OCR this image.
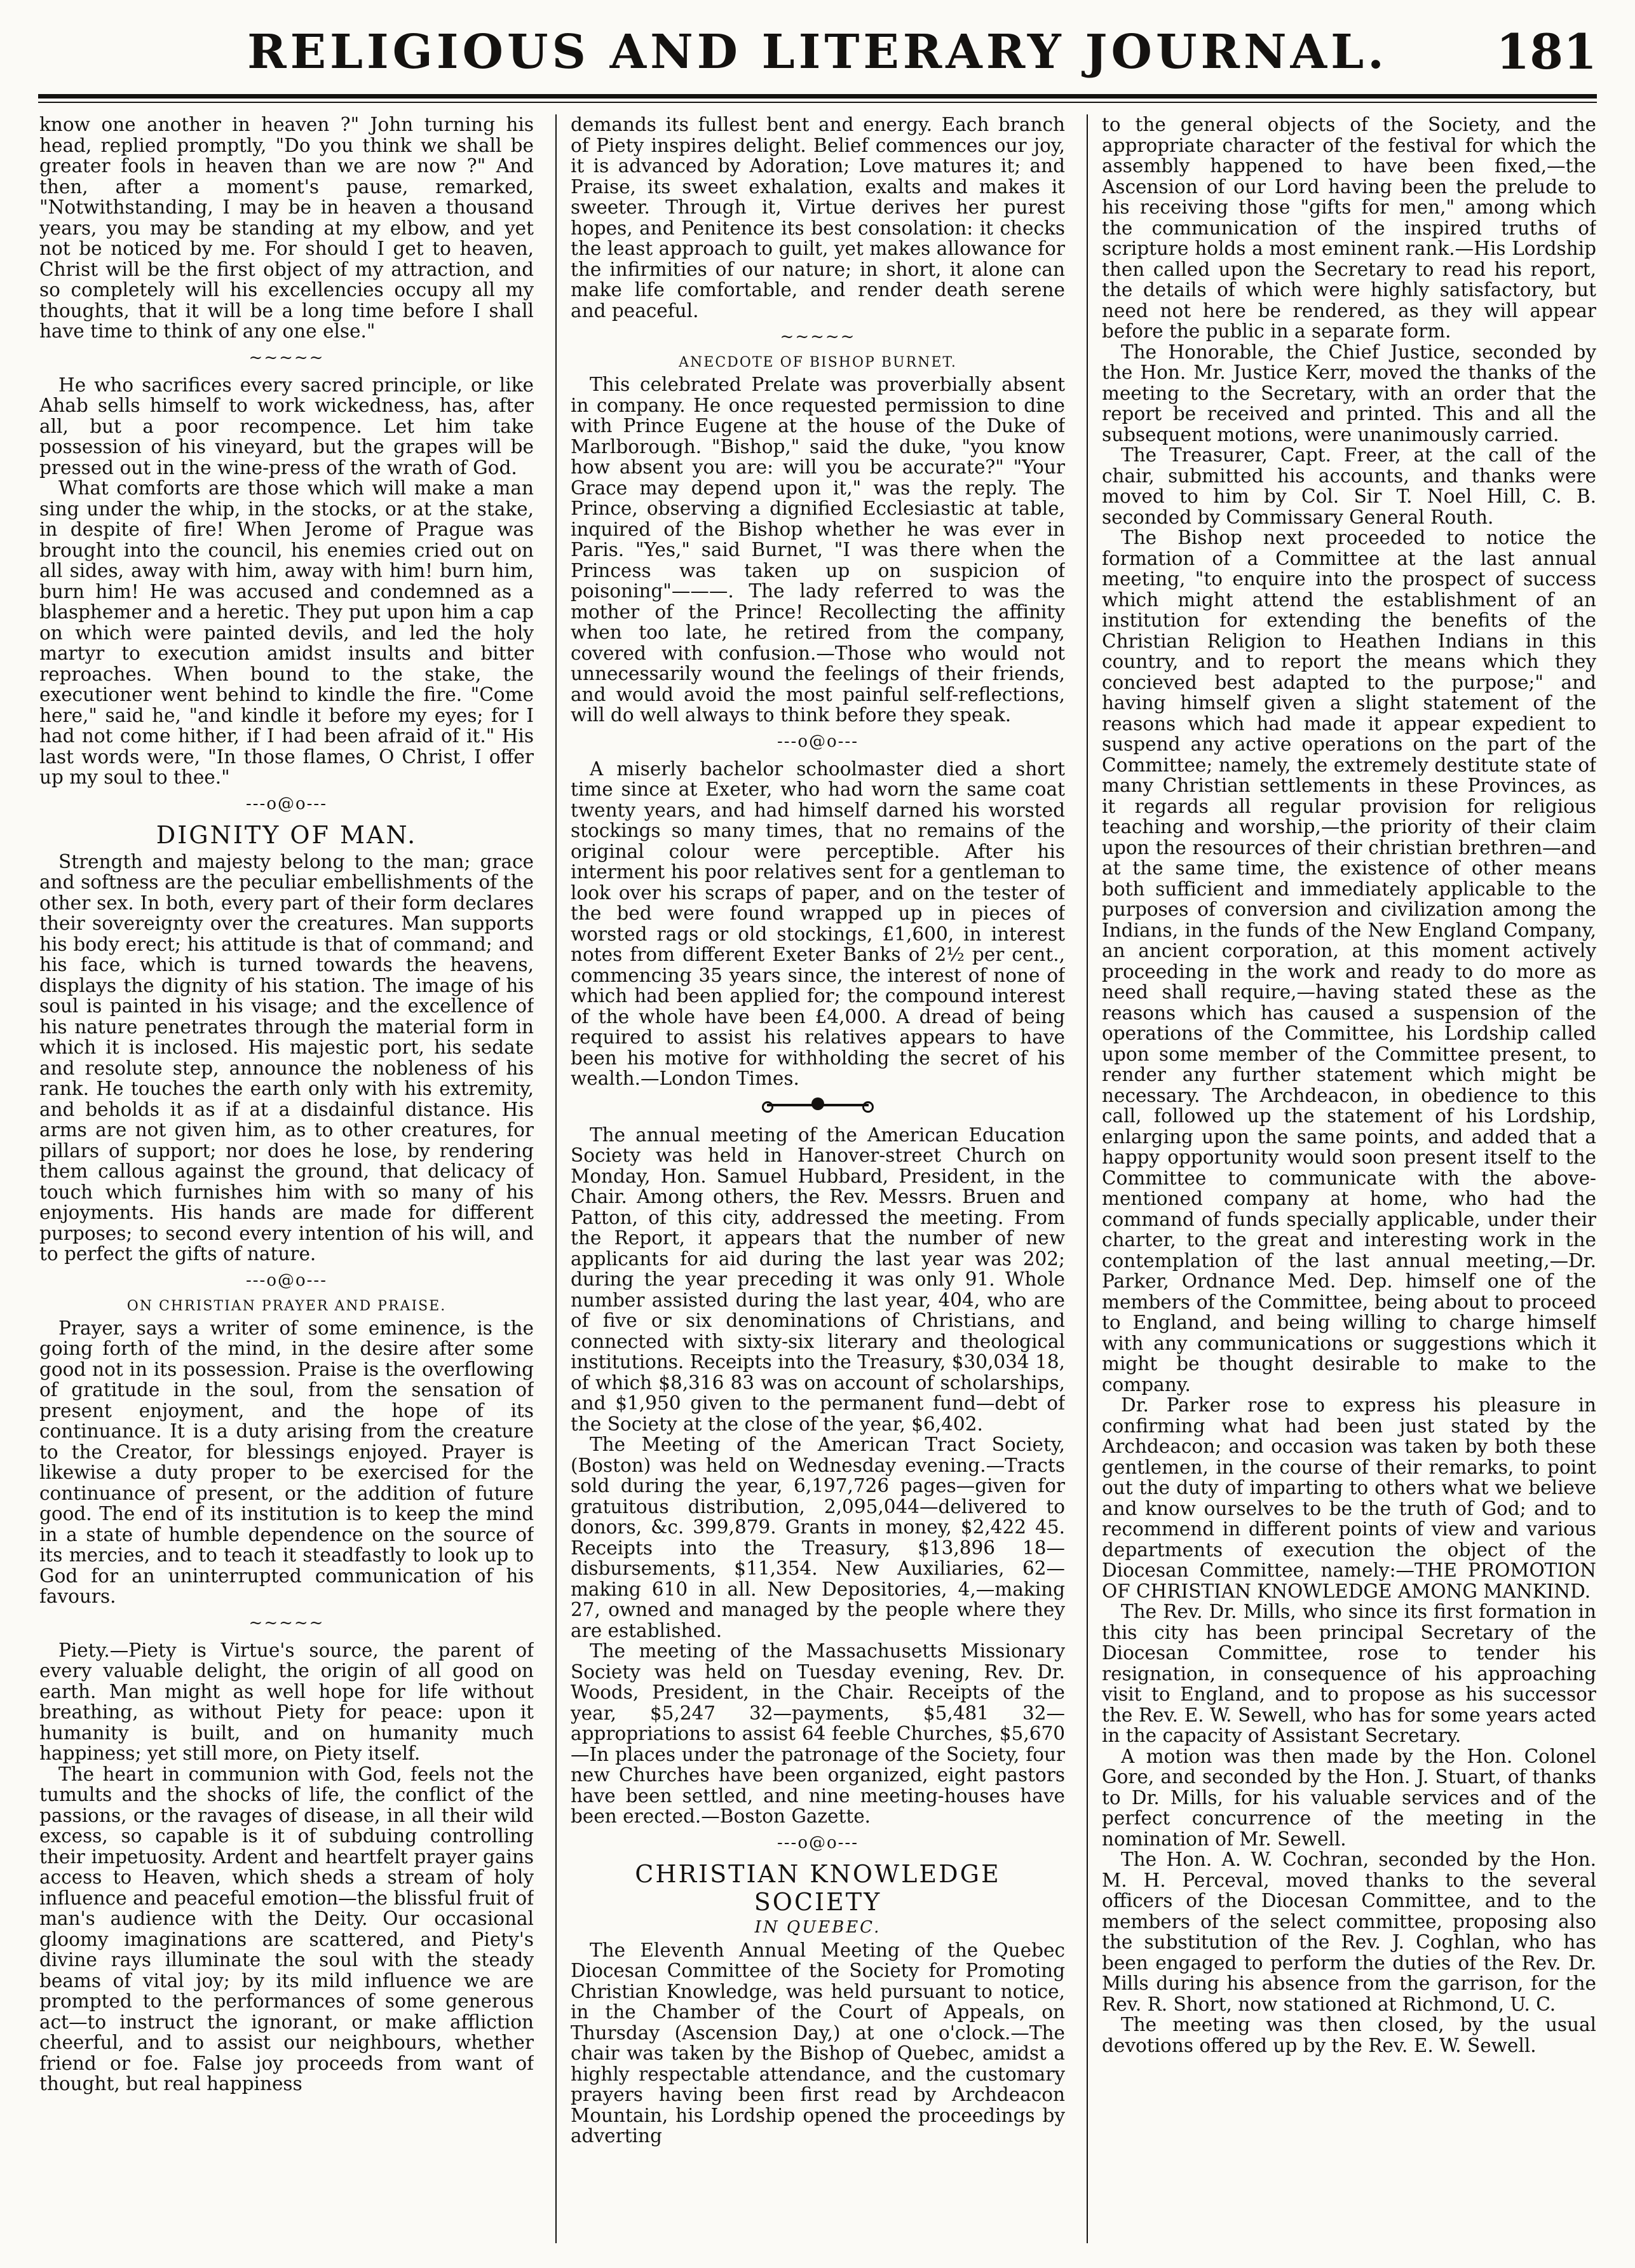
RELIGIOUS AND LITERARY JOURNAL.	181

know one another in heaven ?" John turning his head, replied promptly, "Do you think we shall be greater fools in heaven than we are now ?" And then, after a moment's pause, remarked, "Notwithstanding, I may be in heaven a thousand years, you may be standing at my elbow, and yet not be noticed by me. For should I get to heaven, Christ will be the first object of my attraction, and so completely will his excellencies occupy all my thoughts, that it will be a long time before I shall have time to think of any one else."

~~~~~

He who sacrifices every sacred principle, or like Ahab sells himself to work wickedness, has, after all, but a poor recompence. Let him take possession of his vineyard, but the grapes will be pressed out in the wine-press of the wrath of God.

What comforts are those which will make a man sing under the whip, in the stocks, or at the stake, in despite of fire! When Jerome of Prague was brought into the council, his enemies cried out on all sides, away with him, away with him! burn him, burn him! He was accused and condemned as a blasphemer and a heretic. They put upon him a cap on which were painted devils, and led the holy martyr to execution amidst insults and bitter reproaches. When bound to the stake, the executioner went behind to kindle the fire. "Come here," said he, "and kindle it before my eyes; for I had not come hither, if I had been afraid of it." His last words were, "In those flames, O Christ, I offer up my soul to thee."

---o@o---
DIGNITY OF MAN.

Strength and majesty belong to the man; grace and softness are the peculiar embellishments of the other sex. In both, every part of their form declares their sovereignty over the creatures. Man supports his body erect; his attitude is that of command; and his face, which is turned towards the heavens, displays the dignity of his station. The image of his soul is painted in his visage; and the excellence of his nature penetrates through the material form in which it is inclosed. His majestic port, his sedate and resolute step, announce the nobleness of his rank. He touches the earth only with his extremity, and beholds it as if at a disdainful distance. His arms are not given him, as to other creatures, for pillars of support; nor does he lose, by rendering them callous against the ground, that delicacy of touch which furnishes him with so many of his enjoyments. His hands are made for different purposes; to second every intention of his will, and to perfect the gifts of nature.

---o@o---
ON CHRISTIAN PRAYER AND PRAISE.

Prayer, says a writer of some eminence, is the going forth of the mind, in the desire after some good not in its possession. Praise is the overflowing of gratitude in the soul, from the sensation of present enjoyment, and the hope of its continuance. It is a duty arising from the creature to the Creator, for blessings enjoyed. Prayer is likewise a duty proper to be exercised for the continuance of present, or the addition of future good. The end of its institution is to keep the mind in a state of humble dependence on the source of its mercies, and to teach it steadfastly to look up to God for an uninterrupted communication of his favours.

~~~~~

Piety.—Piety is Virtue's source, the parent of every valuable delight, the origin of all good on earth. Man might as well hope for life without breathing, as without Piety for peace: upon it humanity is built, and on humanity much happiness; yet still more, on Piety itself.

The heart in communion with God, feels not the tumults and the shocks of life, the conflict of the passions, or the ravages of disease, in all their wild excess, so capable is it of subduing controlling their impetuosity. Ardent and heartfelt prayer gains access to Heaven, which sheds a stream of holy influence and peaceful emotion—the blissful fruit of man's audience with the Deity. Our occasional gloomy imaginations are scattered, and Piety's divine rays illuminate the soul with the steady beams of vital joy; by its mild influence we are prompted to the performances of some generous act—to instruct the ignorant, or make affliction cheerful, and to assist our neighbours, whether friend or foe. False joy proceeds from want of thought, but real happiness

demands its fullest bent and energy. Each branch of Piety inspires delight. Belief commences our joy, it is advanced by Adoration; Love matures it; and Praise, its sweet exhalation, exalts and makes it sweeter. Through it, Virtue derives her purest hopes, and Penitence its best consolation: it checks the least approach to guilt, yet makes allowance for the infirmities of our nature; in short, it alone can make life comfortable, and render death serene and peaceful.

~~~~~
ANECDOTE OF BISHOP BURNET.

This celebrated Prelate was proverbially absent in company. He once requested permission to dine with Prince Eugene at the house of the Duke of Marlborough. "Bishop," said the duke, "you know how absent you are: will you be accurate?" "Your Grace may depend upon it," was the reply. The Prince, observing a dignified Ecclesiastic at table, inquired of the Bishop whether he was ever in Paris. "Yes," said Burnet, "I was there when the Princess was taken up on suspicion of poisoning"———. The lady referred to was the mother of the Prince! Recollecting the affinity when too late, he retired from the company, covered with confusion.—Those who would not unnecessarily wound the feelings of their friends, and would avoid the most painful self-reflections, will do well always to think before they speak.

---o@o---

A miserly bachelor schoolmaster died a short time since at Exeter, who had worn the same coat twenty years, and had himself darned his worsted stockings so many times, that no remains of the original colour were perceptible. After his interment his poor relatives sent for a gentleman to look over his scraps of paper, and on the tester of the bed were found wrapped up in pieces of worsted rags or old stockings, £1,600, in interest notes from different Exeter Banks of 2½ per cent., commencing 35 years since, the interest of none of which had been applied for; the compound interest of the whole have been £4,000. A dread of being required to assist his relatives appears to have been his motive for withholding the secret of his wealth.—London Times.

The annual meeting of the American Education Society was held in Hanover-street Church on Monday, Hon. Samuel Hubbard, President, in the Chair. Among others, the Rev. Messrs. Bruen and Patton, of this city, addressed the meeting. From the Report, it appears that the number of new applicants for aid during the last year was 202; during the year preceding it was only 91. Whole number assisted during the last year, 404, who are of five or six denominations of Christians, and connected with sixty-six literary and theological institutions. Receipts into the Treasury, $30,034 18, of which $8,316 83 was on account of scholarships, and $1,950 given to the permanent fund—debt of the Society at the close of the year, $6,402.

The Meeting of the American Tract Society, (Boston) was held on Wednesday evening.—Tracts sold during the year, 6,197,726 pages—given for gratuitous distribution, 2,095,044—delivered to donors, &c. 399,879. Grants in money, $2,422 45. Receipts into the Treasury, $13,896 18—disbursements, $11,354. New Auxiliaries, 62—making 610 in all. New Depositories, 4,—making 27, owned and managed by the people where they are established.

The meeting of the Massachusetts Missionary Society was held on Tuesday evening, Rev. Dr. Woods, President, in the Chair. Receipts of the year, $5,247 32—payments, $5,481 32—appropriations to assist 64 feeble Churches, $5,670—In places under the patronage of the Society, four new Churches have been organized, eight pastors have been settled, and nine meeting-houses have been erected.—Boston Gazette.

---o@o---
CHRISTIAN KNOWLEDGE SOCIETY
IN QUEBEC.

The Eleventh Annual Meeting of the Quebec Diocesan Committee of the Society for Promoting Christian Knowledge, was held pursuant to notice, in the Chamber of the Court of Appeals, on Thursday (Ascension Day,) at one o'clock.—The chair was taken by the Bishop of Quebec, amidst a highly respectable attendance, and the customary prayers having been first read by Archdeacon Mountain, his Lordship opened the proceedings by adverting

to the general objects of the Society, and the appropriate character of the festival for which the assembly happened to have been fixed,—the Ascension of our Lord having been the prelude to his receiving those "gifts for men," among which the communication of the inspired truths of scripture holds a most eminent rank.—His Lordship then called upon the Secretary to read his report, the details of which were highly satisfactory, but need not here be rendered, as they will appear before the public in a separate form.

The Honorable, the Chief Justice, seconded by the Hon. Mr. Justice Kerr, moved the thanks of the meeting to the Secretary, with an order that the report be received and printed. This and all the subsequent motions, were unanimously carried.

The Treasurer, Capt. Freer, at the call of the chair, submitted his accounts, and thanks were moved to him by Col. Sir T. Noel Hill, C. B. seconded by Commissary General Routh.

The Bishop next proceeded to notice the formation of a Committee at the last annual meeting, "to enquire into the prospect of success which might attend the establishment of an institution for extending the benefits of the Christian Religion to Heathen Indians in this country, and to report the means which they concieved best adapted to the purpose;" and having himself given a slight statement of the reasons which had made it appear expedient to suspend any active operations on the part of the Committee; namely, the extremely destitute state of many Christian settlements in these Provinces, as it regards all regular provision for religious teaching and worship,—the priority of their claim upon the resources of their christian brethren—and at the same time, the existence of other means both sufficient and immediately applicable to the purposes of conversion and civilization among the Indians, in the funds of the New England Company, an ancient corporation, at this moment actively proceeding in the work and ready to do more as need shall require,—having stated these as the reasons which has caused a suspension of the operations of the Committee, his Lordship called upon some member of the Committee present, to render any further statement which might be necessary. The Archdeacon, in obedience to this call, followed up the statement of his Lordship, enlarging upon the same points, and added that a happy opportunity would soon present itself to the Committee to communicate with the above-mentioned company at home, who had the command of funds specially applicable, under their charter, to the great and interesting work in the contemplation of the last annual meeting,—Dr. Parker, Ordnance Med. Dep. himself one of the members of the Committee, being about to proceed to England, and being willing to charge himself with any communications or suggestions which it might be thought desirable to make to the company.

Dr. Parker rose to express his pleasure in confirming what had been just stated by the Archdeacon; and occasion was taken by both these gentlemen, in the course of their remarks, to point out the duty of imparting to others what we believe and know ourselves to be the truth of God; and to recommend in different points of view and various departments of execution the object of the Diocesan Committee, namely:—THE PROMOTION OF CHRISTIAN KNOWLEDGE AMONG MANKIND.

The Rev. Dr. Mills, who since its first formation in this city has been principal Secretary of the Diocesan Committee, rose to tender his resignation, in consequence of his approaching visit to England, and to propose as his successor the Rev. E. W. Sewell, who has for some years acted in the capacity of Assistant Secretary.

A motion was then made by the Hon. Colonel Gore, and seconded by the Hon. J. Stuart, of thanks to Dr. Mills, for his valuable services and of the perfect concurrence of the meeting in the nomination of Mr. Sewell.

The Hon. A. W. Cochran, seconded by the Hon. M. H. Perceval, moved thanks to the several officers of the Diocesan Committee, and to the members of the select committee, proposing also the substitution of the Rev. J. Coghlan, who has been engaged to perform the duties of the Rev. Dr. Mills during his absence from the garrison, for the Rev. R. Short, now stationed at Richmond, U. C.

The meeting was then closed, by the usual devotions offered up by the Rev. E. W. Sewell.
